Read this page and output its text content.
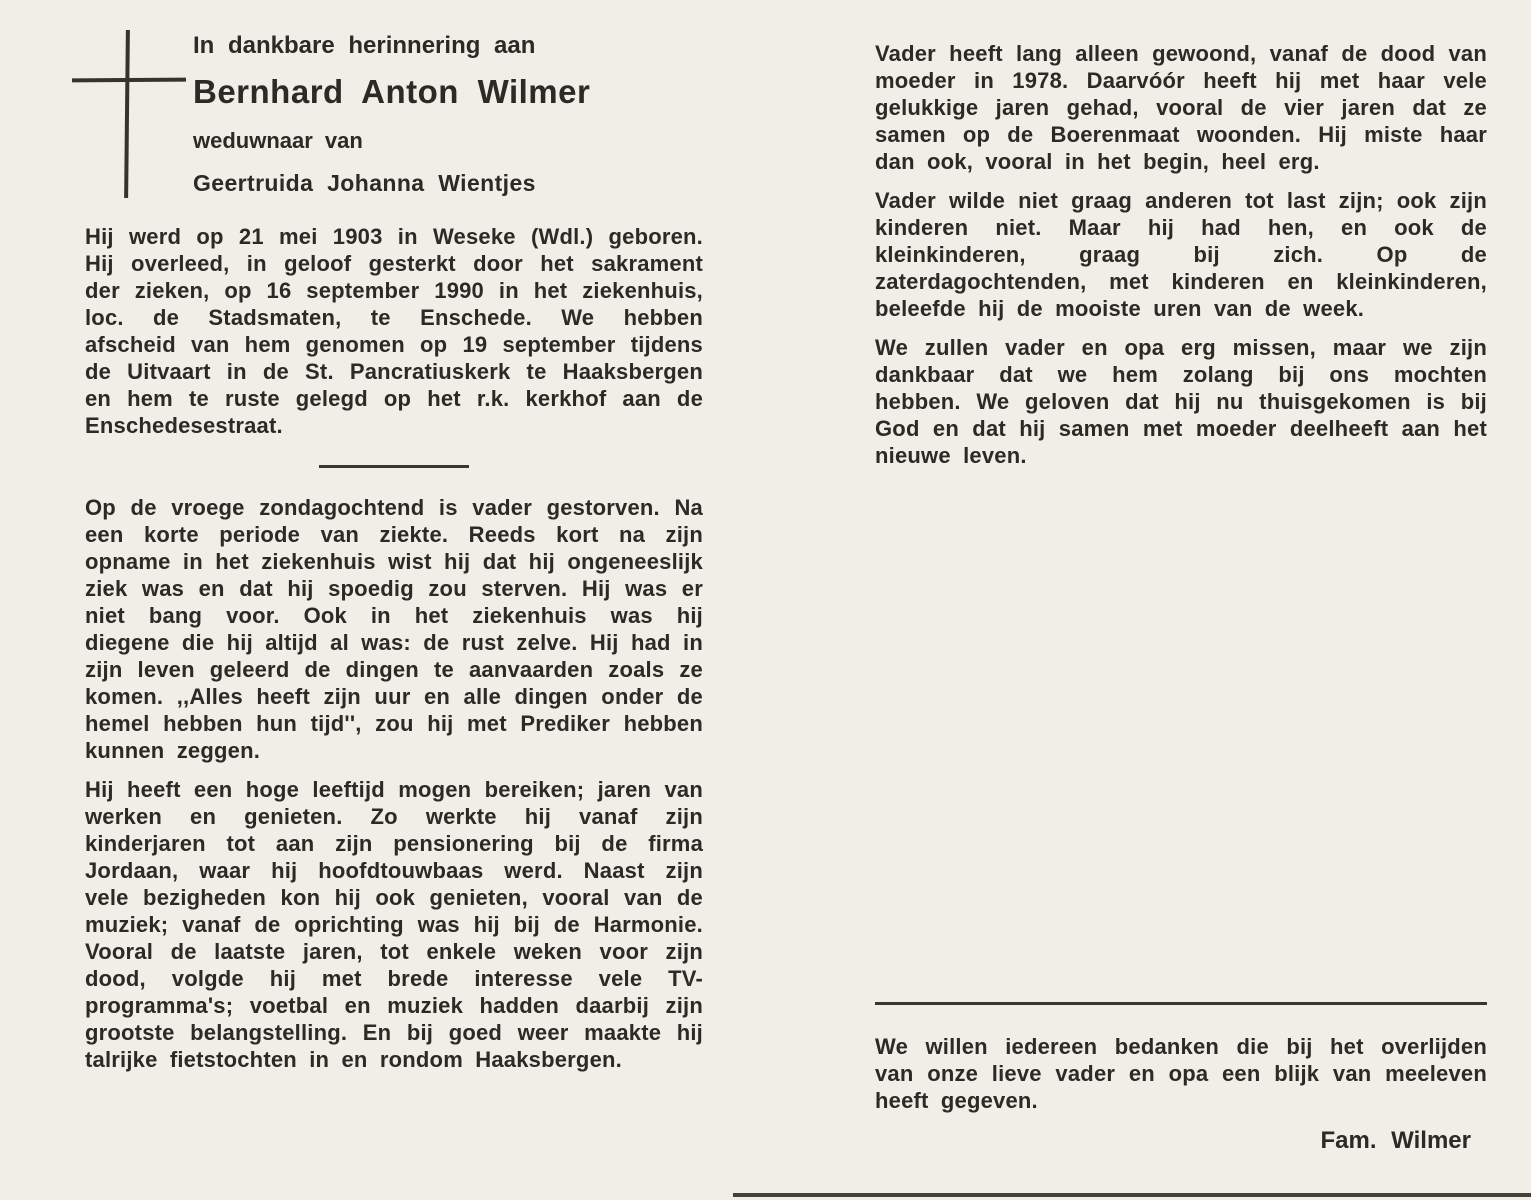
In dankbare herinnering aan

Bernhard Anton Wilmer

weduwnaar van

Geertruida Johanna Wientjes

Hij werd op 21 mei 1903 in Weseke (Wdl.) geboren. Hij overleed, in geloof gesterkt door het sakrament der zieken, op 16 september 1990 in het ziekenhuis, loc. de Stadsmaten, te Enschede. We hebben afscheid van hem genomen op 19 september tijdens de Uitvaart in de St. Pancratiuskerk te Haaksbergen en hem te ruste gelegd op het r.k. kerkhof aan de Enschedesestraat.

Op de vroege zondagochtend is vader gestorven. Na een korte periode van ziekte. Reeds kort na zijn opname in het ziekenhuis wist hij dat hij ongeneeslijk ziek was en dat hij spoedig zou sterven. Hij was er niet bang voor. Ook in het ziekenhuis was hij diegene die hij altijd al was: de rust zelve. Hij had in zijn leven geleerd de dingen te aanvaarden zoals ze komen. ,,Alles heeft zijn uur en alle dingen onder de hemel hebben hun tijd'', zou hij met Prediker hebben kunnen zeggen.

Hij heeft een hoge leeftijd mogen bereiken; jaren van werken en genieten. Zo werkte hij vanaf zijn kinderjaren tot aan zijn pensionering bij de firma Jordaan, waar hij hoofdtouwbaas werd. Naast zijn vele bezigheden kon hij ook genieten, vooral van de muziek; vanaf de oprichting was hij bij de Harmonie. Vooral de laatste jaren, tot enkele weken voor zijn dood, volgde hij met brede interesse vele TV-programma's; voetbal en muziek hadden daarbij zijn grootste belangstelling. En bij goed weer maakte hij talrijke fietstochten in en rondom Haaksbergen.

Vader heeft lang alleen gewoond, vanaf de dood van moeder in 1978. Daarvóór heeft hij met haar vele gelukkige jaren gehad, vooral de vier jaren dat ze samen op de Boerenmaat woonden. Hij miste haar dan ook, vooral in het begin, heel erg.

Vader wilde niet graag anderen tot last zijn; ook zijn kinderen niet. Maar hij had hen, en ook de kleinkinderen, graag bij zich. Op de zaterdagochtenden, met kinderen en kleinkinderen, beleefde hij de mooiste uren van de week.

We zullen vader en opa erg missen, maar we zijn dankbaar dat we hem zolang bij ons mochten hebben. We geloven dat hij nu thuisgekomen is bij God en dat hij samen met moeder deelheeft aan het nieuwe leven.

We willen iedereen bedanken die bij het overlijden van onze lieve vader en opa een blijk van meeleven heeft gegeven.

Fam. Wilmer
